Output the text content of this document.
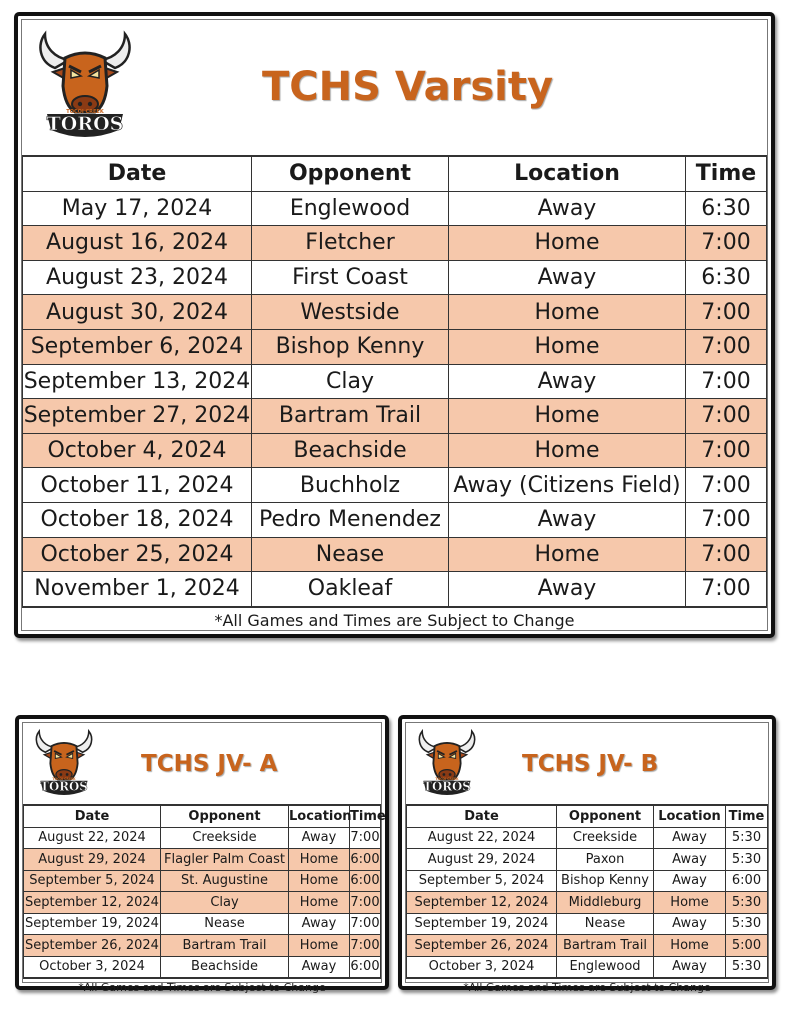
TCHS Varsity
Date	Opponent	Location	Time
May 17, 2024	Englewood	Away	6:30
August 16, 2024	Fletcher	Home	7:00
August 23, 2024	First Coast	Away	6:30
August 30, 2024	Westside	Home	7:00
September 6, 2024	Bishop Kenny	Home	7:00
September 13, 2024	Clay	Away	7:00
September 27, 2024	Bartram Trail	Home	7:00
October 4, 2024	Beachside	Home	7:00
October 11, 2024	Buchholz	Away (Citizens Field)	7:00
October 18, 2024	Pedro Menendez	Away	7:00
October 25, 2024	Nease	Home	7:00
November 1, 2024	Oakleaf	Away	7:00
*All Games and Times are Subject to Change
TCHS JV- A
Date	Opponent	Location	Time
August 22, 2024	Creekside	Away	7:00
August 29, 2024	Flagler Palm Coast	Home	6:00
September 5, 2024	St. Augustine	Home	6:00
September 12, 2024	Clay	Home	7:00
September 19, 2024	Nease	Away	7:00
September 26, 2024	Bartram Trail	Home	7:00
October 3, 2024	Beachside	Away	6:00
*All Games and Times are Subject to Change
TCHS JV- B
Date	Opponent	Location	Time
August 22, 2024	Creekside	Away	5:30
August 29, 2024	Paxon	Away	5:30
September 5, 2024	Bishop Kenny	Away	6:00
September 12, 2024	Middleburg	Home	5:30
September 19, 2024	Nease	Away	5:30
September 26, 2024	Bartram Trail	Home	5:00
October 3, 2024	Englewood	Away	5:30
*All Games and Times are Subject to Change
